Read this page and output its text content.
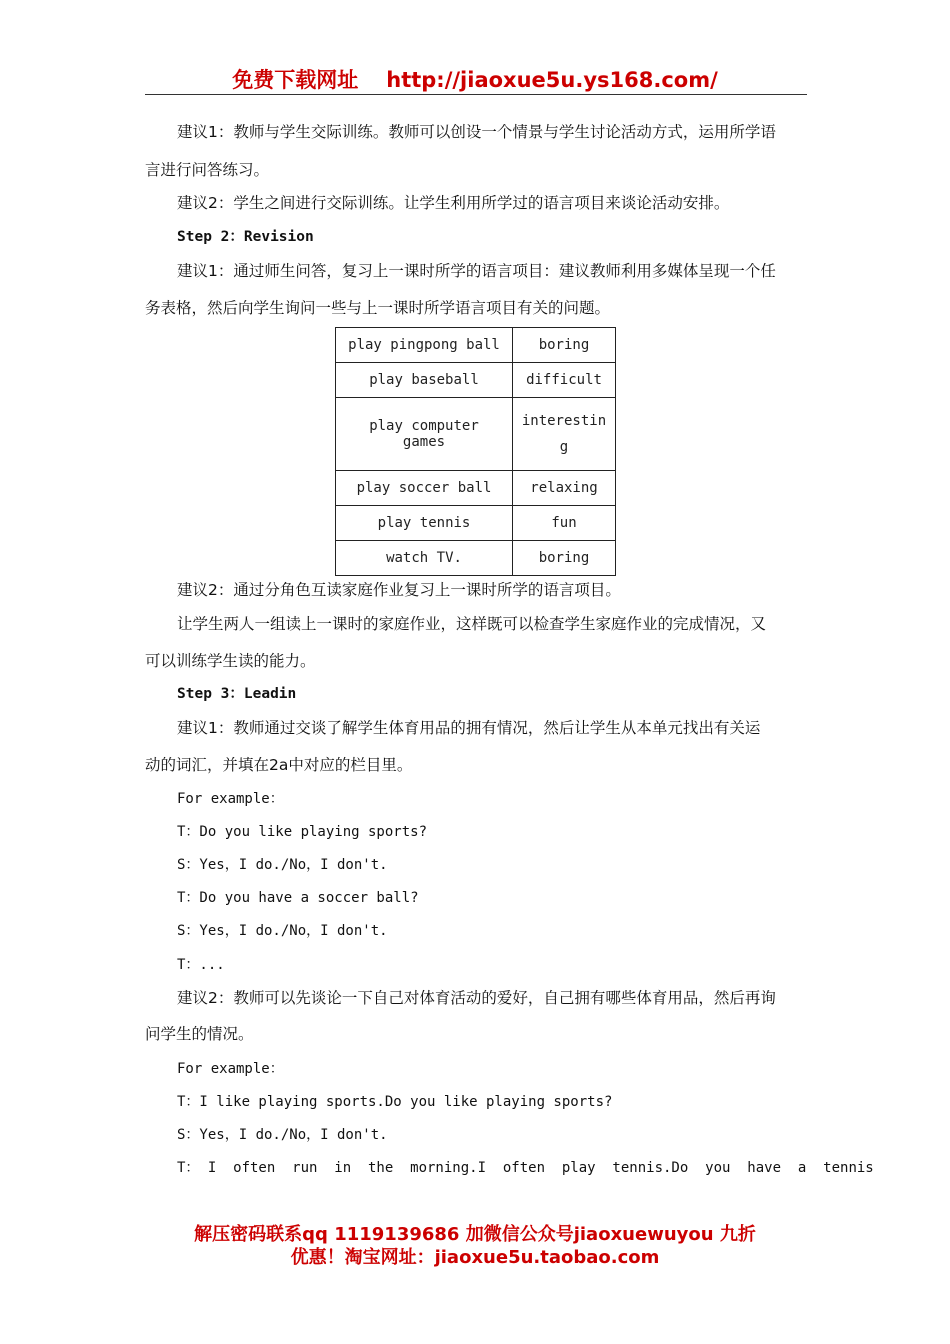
免费下载网址 http://jiaoxue5u.ys168.com/
建议1：教师与学生交际训练。教师可以创设一个情景与学生讨论活动方式，运用所学语
言进行问答练习。
建议2：学生之间进行交际训练。让学生利用所学过的语言项目来谈论活动安排。
Step 2：Revision
建议1：通过师生问答，复习上一课时所学的语言项目：建议教师利用多媒体呈现一个任
务表格，然后向学生询问一些与上一课时所学语言项目有关的问题。
play pingpong ball	boring
play baseball	difficult
play computer games	interesting

play soccer ball	relaxing
play tennis	fun
watch TV.	boring
建议2：通过分角色互读家庭作业复习上一课时所学的语言项目。
让学生两人一组读上一课时的家庭作业，这样既可以检查学生家庭作业的完成情况，又
可以训练学生读的能力。
Step 3：Leadin
建议1：教师通过交谈了解学生体育用品的拥有情况，然后让学生从本单元找出有关运
动的词汇，并填在2a中对应的栏目里。
For example：
T：Do you like playing sports?
S：Yes，I do./No，I don't.
T：Do you have a soccer ball?
S：Yes，I do./No，I don't.
T：...
建议2：教师可以先谈论一下自己对体育活动的爱好，自己拥有哪些体育用品，然后再询
问学生的情况。
For example：
T：I like playing sports.Do you like playing sports?
S：Yes，I do./No，I don't.
T： I  often  run  in  the  morning.I  often  play  tennis.Do  you  have  a  tennis
解压密码联系qq 1119139686 加微信公众号jiaoxuewuyou 九折
优惠！淘宝网址：jiaoxue5u.taobao.com
